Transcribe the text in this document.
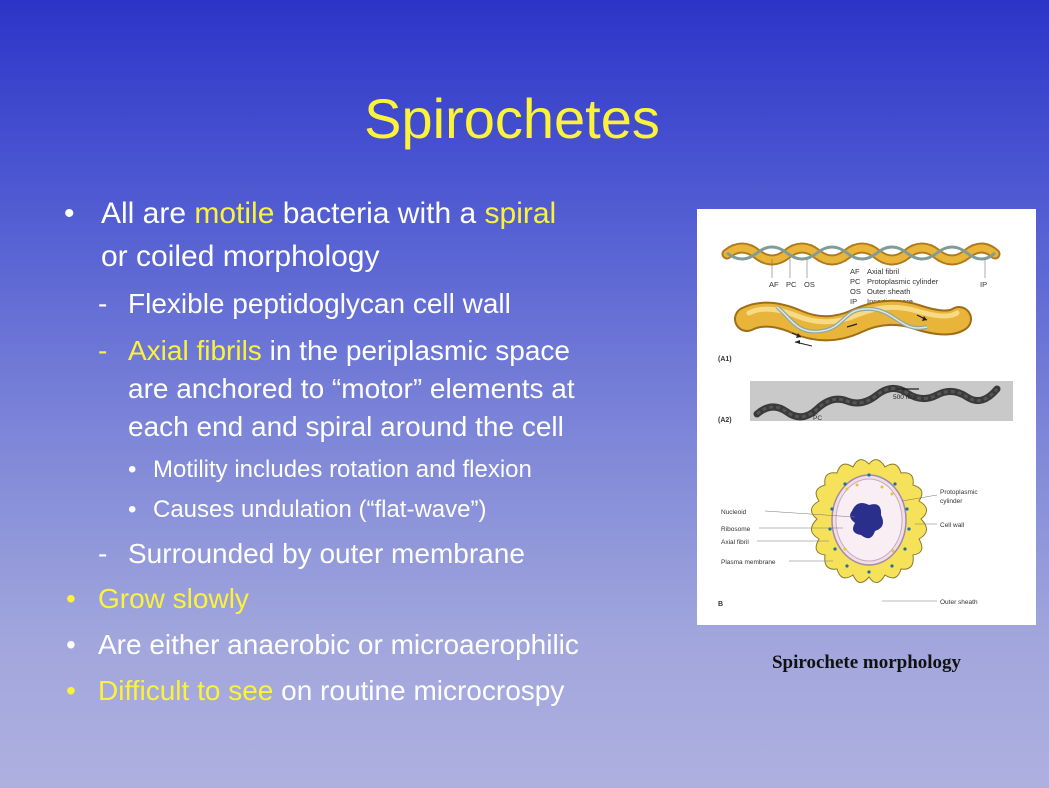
Spirochetes
• All are motile bacteria with a spiral
or coiled morphology
- Flexible peptidoglycan cell wall
- Axial fibrils in the periplasmic space
are anchored to “motor” elements at
each end and spiral around the cell
• Motility includes rotation and flexion
• Causes undulation (“flat-wave”)
- Surrounded by outer membrane
• Grow slowly
• Are either anaerobic or microaerophilic
• Difficult to see on routine microcrospy
AF PC OS	IP
AF Axial fibril
PC Protoplasmic cylinder
OS Outer sheath
IP Insertion pore
(A1)
500 nm
PC
(A2)
Nucleoid
Ribosome
Axial fibril
Plasma membrane
Protoplasmic
cylinder
Cell wall
Outer sheath
B
Spirochete morphology
